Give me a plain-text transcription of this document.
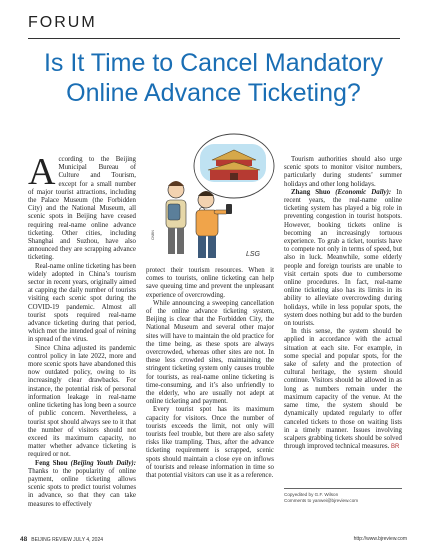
FORUM
Is It Time to Cancel Mandatory
Online Advance Ticketing?

According to the Beijing Municipal Bureau of Culture and Tourism, except for a small number of major tourist attractions, including the Palace Museum (the Forbidden City) and the National Museum, all scenic spots in Beijing have ceased requiring real-name online advance ticketing. Other cities, including Shanghai and Suzhou, have also announced they are scrapping advance ticketing.

Real-name online ticketing has been widely adopted in China’s tourism sector in recent years, originally aimed at capping the daily number of tourists visiting each scenic spot during the COVID-19 pandemic. Almost all tourist spots required real-name advance ticketing during that period, which met the intended goal of reining in spread of the virus.

Since China adjusted its pandemic control policy in late 2022, more and more scenic spots have abandoned this now outdated policy, owing to its increasingly clear drawbacks. For instance, the potential risk of personal information leakage in real-name online ticketing has long been a source of public concern. Nevertheless, a tourist spot should always see to it that the number of visitors should not exceed its maximum capacity, no matter whether advance ticketing is required or not.

Feng Shou (Beijing Youth Daily): Thanks to the popularity of online payment, online ticketing allows scenic spots to predict tourist volumes in advance, so that they can take measures to effectively

CNBN
LSG

protect their tourism resources. When it comes to tourists, online ticketing can help save queuing time and prevent the unpleasant experience of overcrowding.

While announcing a sweeping cancellation of the online advance ticketing system, Beijing is clear that the Forbidden City, the National Museum and several other major sites will have to maintain the old practice for the time being, as these spots are always overcrowded, whereas other sites are not. In these less crowded sites, maintaining the stringent ticketing system only causes trouble for tourists, as real-name online ticketing is time-consuming, and it’s also unfriendly to the elderly, who are usually not adept at online ticketing and payment.

Every tourist spot has its maximum capacity for visitors. Once the number of tourists exceeds the limit, not only will tourists feel trouble, but there are also safety risks like trampling. Thus, after the advance ticketing requirement is scrapped, scenic spots should maintain a close eye on inflows of tourists and release information in time so that potential visitors can use it as a reference.

Tourism authorities should also urge scenic spots to monitor visitor numbers, particularly during students’ summer holidays and other long holidays.

Zhang Shuo (Economic Daily): In recent years, the real-name online ticketing system has played a big role in preventing congestion in tourist hotspots. However, booking tickets online is becoming an increasingly tortuous experience. To grab a ticket, tourists have to compete not only in terms of speed, but also in luck. Meanwhile, some elderly people and foreign tourists are unable to visit certain spots due to cumbersome online procedures. In fact, real-name online ticketing also has its limits in its ability to alleviate overcrowding during holidays, while in less popular spots, the system does nothing but add to the burden on tourists.

In this sense, the system should be applied in accordance with the actual situation at each site. For example, in some special and popular spots, for the sake of safety and the protection of cultural heritage, the system should continue. Visitors should be allowed in as long as numbers remain under the maximum capacity of the venue. At the same time, the system should be dynamically updated regularly to offer canceled tickets to those on waiting lists in a timely manner. Issues involving scalpers grabbing tickets should be solved through improved technical measures. BR

Copyedited by G.F. Wilson
Comments to yanwei@bjreview.com
48 BEIJING REVIEW JULY 4, 2024	http://www.bjreview.com
